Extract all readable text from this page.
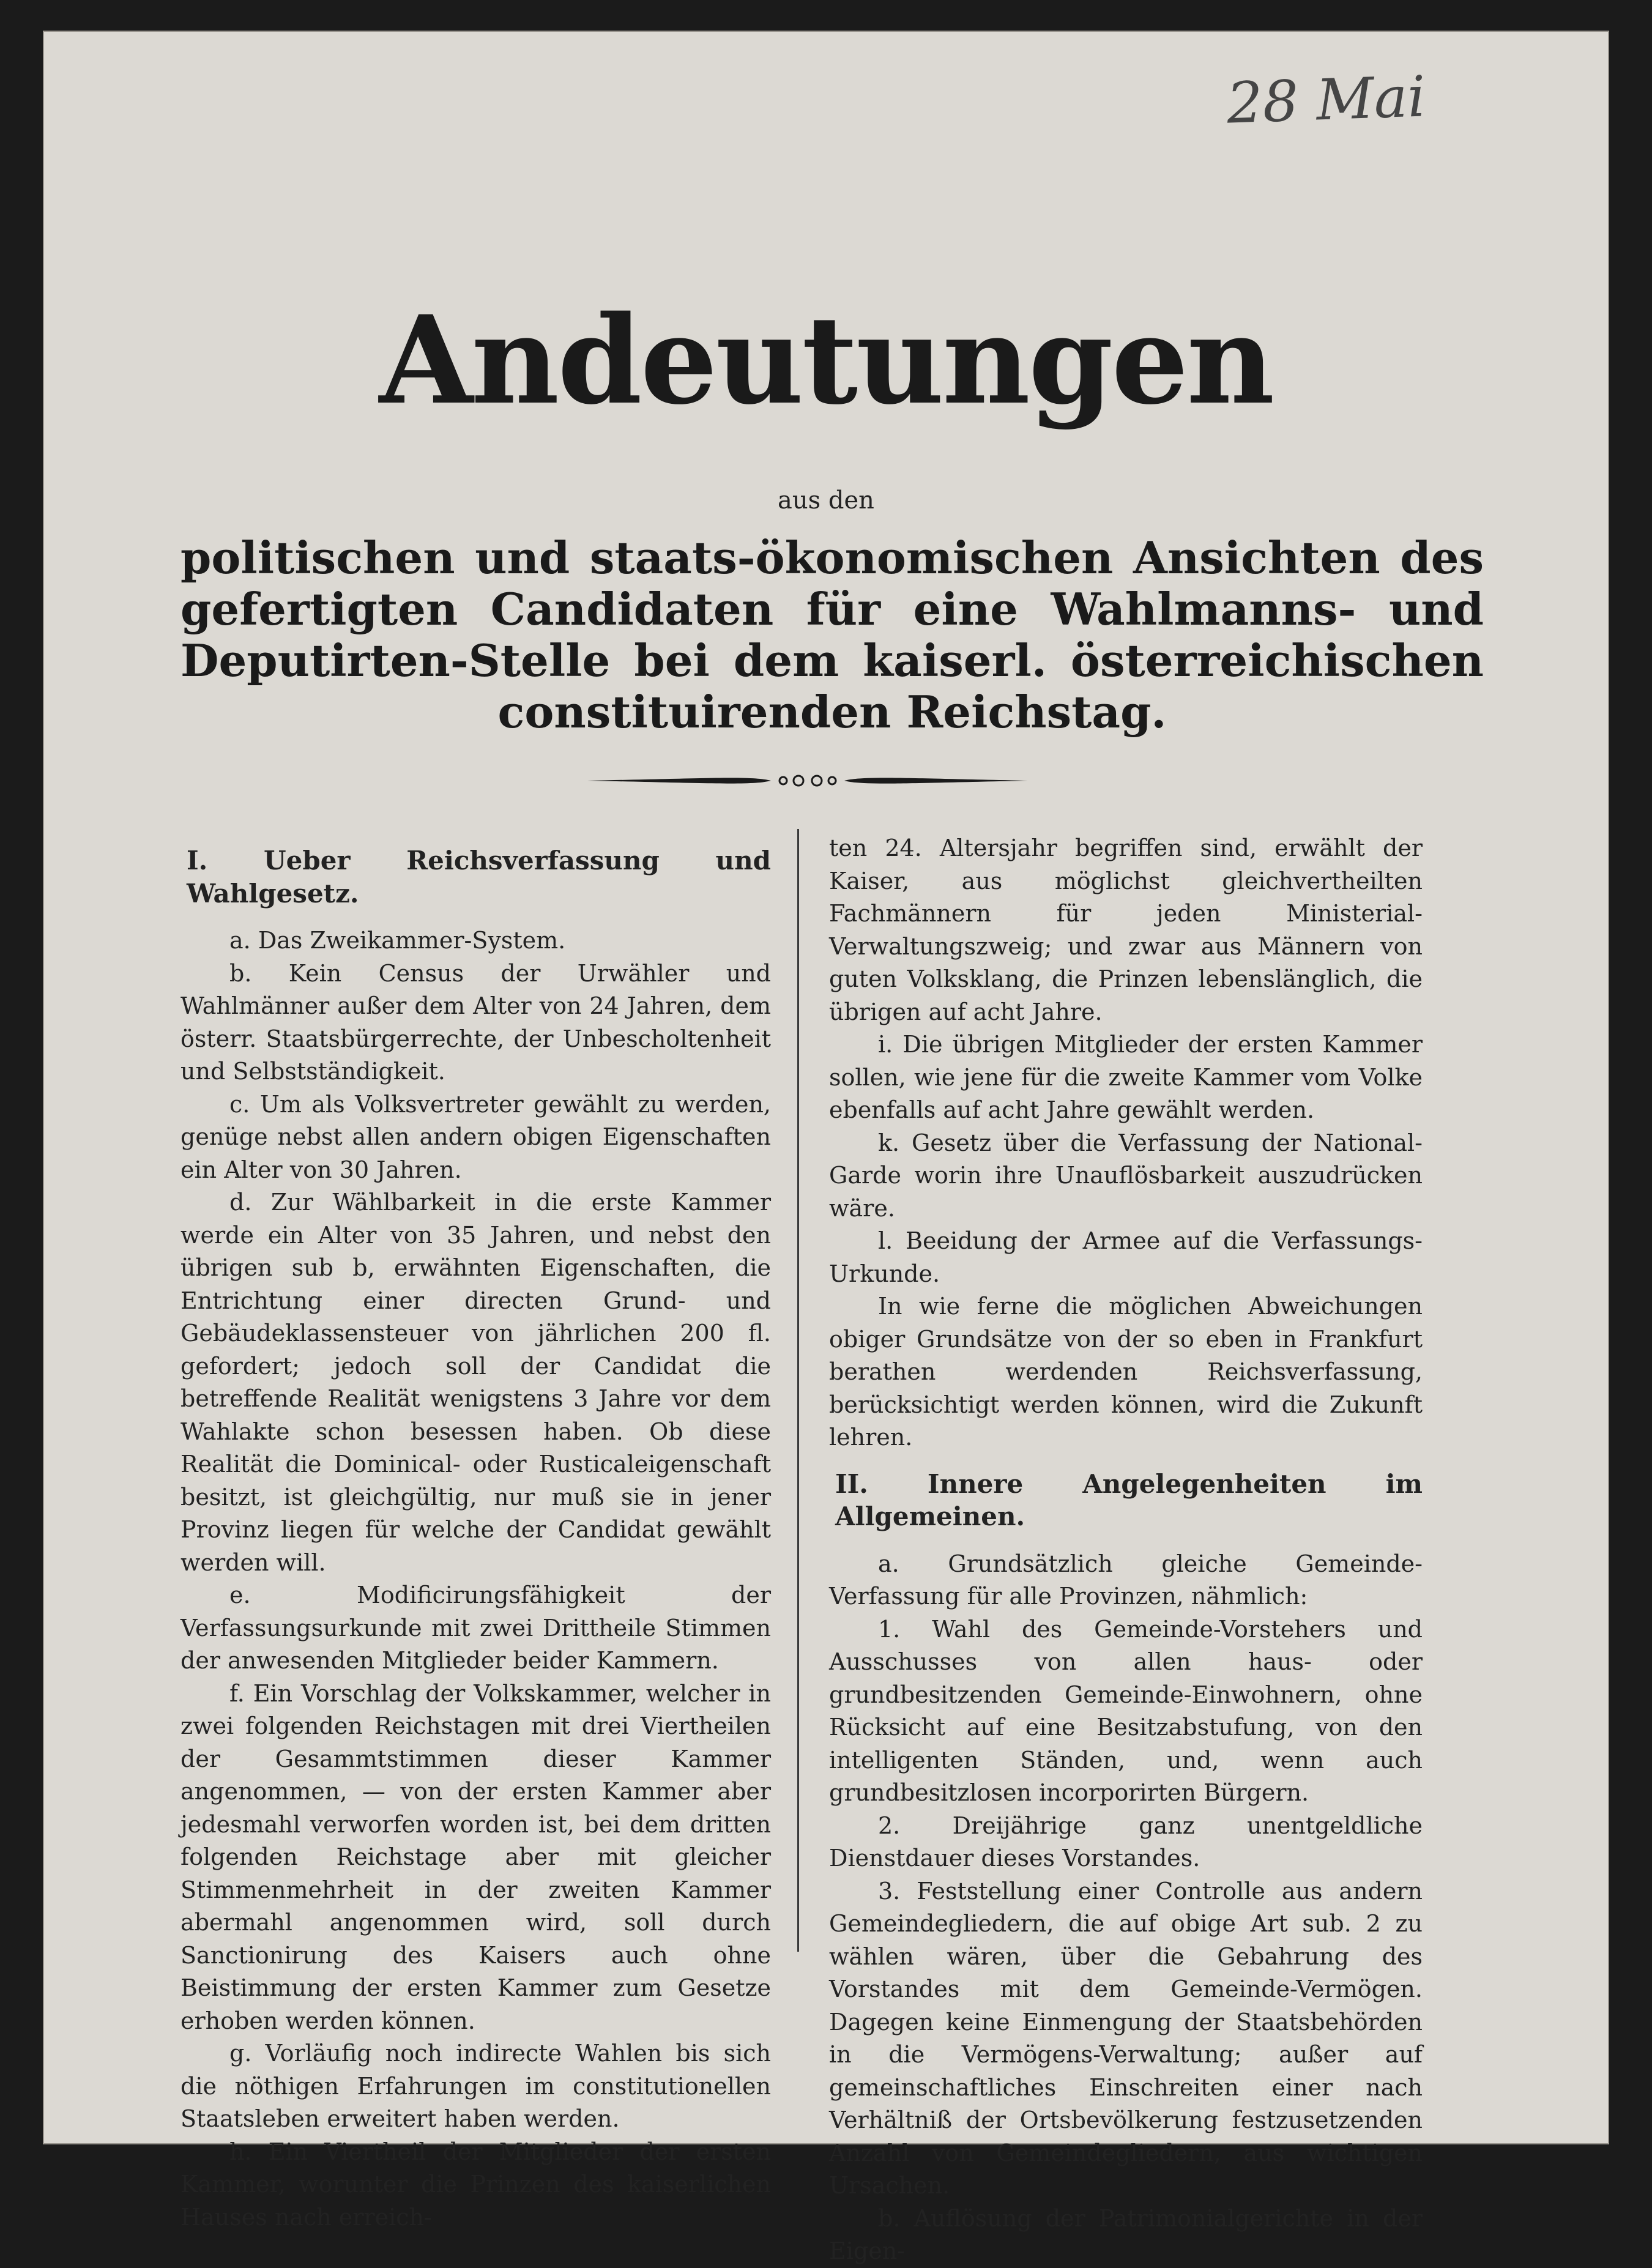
28 Mai
Andeutungen
aus den
politischen und staats-ökonomischen Ansichten des gefertigten Candidaten für eine Wahlmanns- und Deputirten-Stelle bei dem kaiserl. österreichischen constituirenden Reichstag.

I. Ueber Reichsverfassung und Wahlgesetz.

a. Das Zweikammer-System.

b. Kein Census der Urwähler und Wahlmänner außer dem Alter von 24 Jahren, dem österr. Staatsbürgerrechte, der Unbescholtenheit und Selbstständigkeit.

c. Um als Volksvertreter gewählt zu werden, genüge nebst allen andern obigen Eigenschaften ein Alter von 30 Jahren.

d. Zur Wählbarkeit in die erste Kammer werde ein Alter von 35 Jahren, und nebst den übrigen sub b, erwähnten Eigenschaften, die Entrichtung einer directen Grund- und Gebäudeklassensteuer von jährlichen 200 fl. gefordert; jedoch soll der Candidat die betreffende Realität wenigstens 3 Jahre vor dem Wahlakte schon besessen haben. Ob diese Realität die Dominical- oder Rusticaleigenschaft besitzt, ist gleichgültig, nur muß sie in jener Provinz liegen für welche der Candidat gewählt werden will.

e. Modificirungsfähigkeit der Verfassungsurkunde mit zwei Drittheile Stimmen der anwesenden Mitglieder beider Kammern.

f. Ein Vorschlag der Volkskammer, welcher in zwei folgenden Reichstagen mit drei Viertheilen der Gesammtstimmen dieser Kammer angenommen, — von der ersten Kammer aber jedesmahl verworfen worden ist, bei dem dritten folgenden Reichstage aber mit gleicher Stimmenmehrheit in der zweiten Kammer abermahl angenommen wird, soll durch Sanctionirung des Kaisers auch ohne Beistimmung der ersten Kammer zum Gesetze erhoben werden können.

g. Vorläufig noch indirecte Wahlen bis sich die nöthigen Erfahrungen im constitutionellen Staatsleben erweitert haben werden.

h. Ein Viertheil der Mitglieder der ersten Kammer, worunter die Prinzen des kaiserlichen Hauses nach erreich-

ten 24. Altersjahr begriffen sind, erwählt der Kaiser, aus möglichst gleichvertheilten Fachmännern für jeden Ministerial-Verwaltungszweig; und zwar aus Männern von guten Volksklang, die Prinzen lebenslänglich, die übrigen auf acht Jahre.

i. Die übrigen Mitglieder der ersten Kammer sollen, wie jene für die zweite Kammer vom Volke ebenfalls auf acht Jahre gewählt werden.

k. Gesetz über die Verfassung der National-Garde worin ihre Unauflösbarkeit auszudrücken wäre.

l. Beeidung der Armee auf die Verfassungs-Urkunde.

In wie ferne die möglichen Abweichungen obiger Grundsätze von der so eben in Frankfurt berathen werdenden Reichsverfassung, berücksichtigt werden können, wird die Zukunft lehren.

II. Innere Angelegenheiten im Allgemeinen.

a. Grundsätzlich gleiche Gemeinde-Verfassung für alle Provinzen, nähmlich:

1. Wahl des Gemeinde-Vorstehers und Ausschusses von allen haus- oder grundbesitzenden Gemeinde-Einwohnern, ohne Rücksicht auf eine Besitzabstufung, von den intelligenten Ständen, und, wenn auch grundbesitzlosen incorporirten Bürgern.

2. Dreijährige ganz unentgeldliche Dienstdauer dieses Vorstandes.

3. Feststellung einer Controlle aus andern Gemeindegliedern, die auf obige Art sub. 2 zu wählen wären, über die Gebahrung des Vorstandes mit dem Gemeinde-Vermögen. Dagegen keine Einmengung der Staatsbehörden in die Vermögens-Verwaltung; außer auf gemeinschaftliches Einschreiten einer nach Verhältniß der Ortsbevölkerung festzusetzenden Anzahl von Gemeindegliedern, aus wichtigen Ursachen.

b. Auflösung der Patrimonialgerichte in der Eigen-
